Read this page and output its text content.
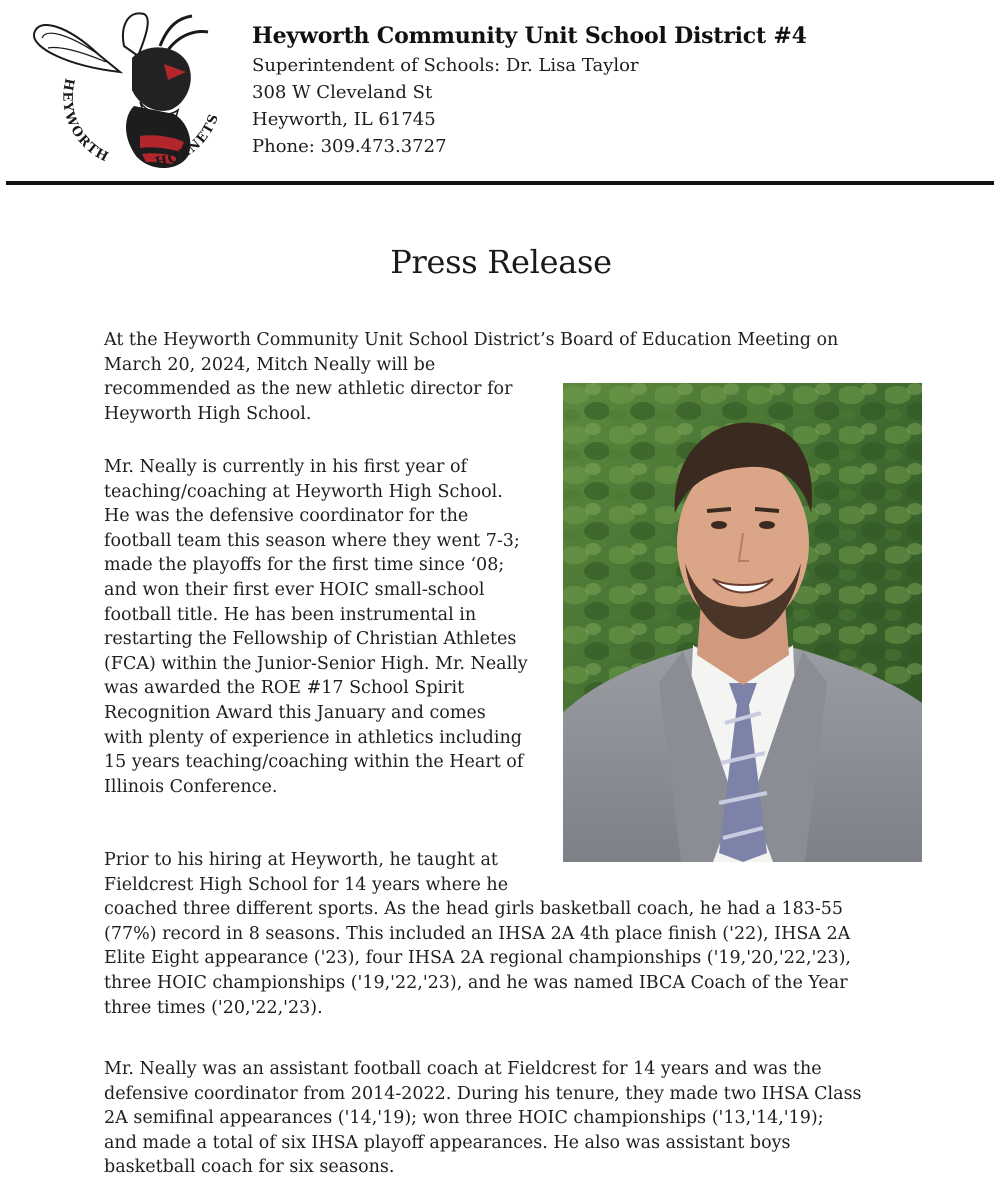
HEYWORTH	HORNETS
Heyworth Community Unit School District #4
Superintendent of Schools: Dr. Lisa Taylor
308 W Cleveland St
Heyworth, IL 61745
Phone: 309.473.3727
Press Release

At the Heyworth Community Unit School District’s Board of Education Meeting on
March 20, 2024, Mitch Neally will be
recommended as the new athletic director for
Heyworth High School.

Mr. Neally is currently in his first year of
teaching/coaching at Heyworth High School.
He was the defensive coordinator for the
football team this season where they went 7-3;
made the playoffs for the first time since ‘08;
and won their first ever HOIC small-school
football title. He has been instrumental in
restarting the Fellowship of Christian Athletes
(FCA) within the Junior-Senior High. Mr. Neally
was awarded the ROE #17 School Spirit
Recognition Award this January and comes
with plenty of experience in athletics including
15 years teaching/coaching within the Heart of
Illinois Conference.

Prior to his hiring at Heyworth, he taught at
Fieldcrest High School for 14 years where he
coached three different sports. As the head girls basketball coach, he had a 183-55
(77%) record in 8 seasons. This included an IHSA 2A 4th place finish ('22), IHSA 2A
Elite Eight appearance ('23), four IHSA 2A regional championships ('19,'20,'22,'23),
three HOIC championships ('19,'22,'23), and he was named IBCA Coach of the Year
three times ('20,'22,'23).

Mr. Neally was an assistant football coach at Fieldcrest for 14 years and was the
defensive coordinator from 2014-2022. During his tenure, they made two IHSA Class
2A semifinal appearances ('14,'19); won three HOIC championships ('13,'14,'19);
and made a total of six IHSA playoff appearances. He also was assistant boys
basketball coach for six seasons.
